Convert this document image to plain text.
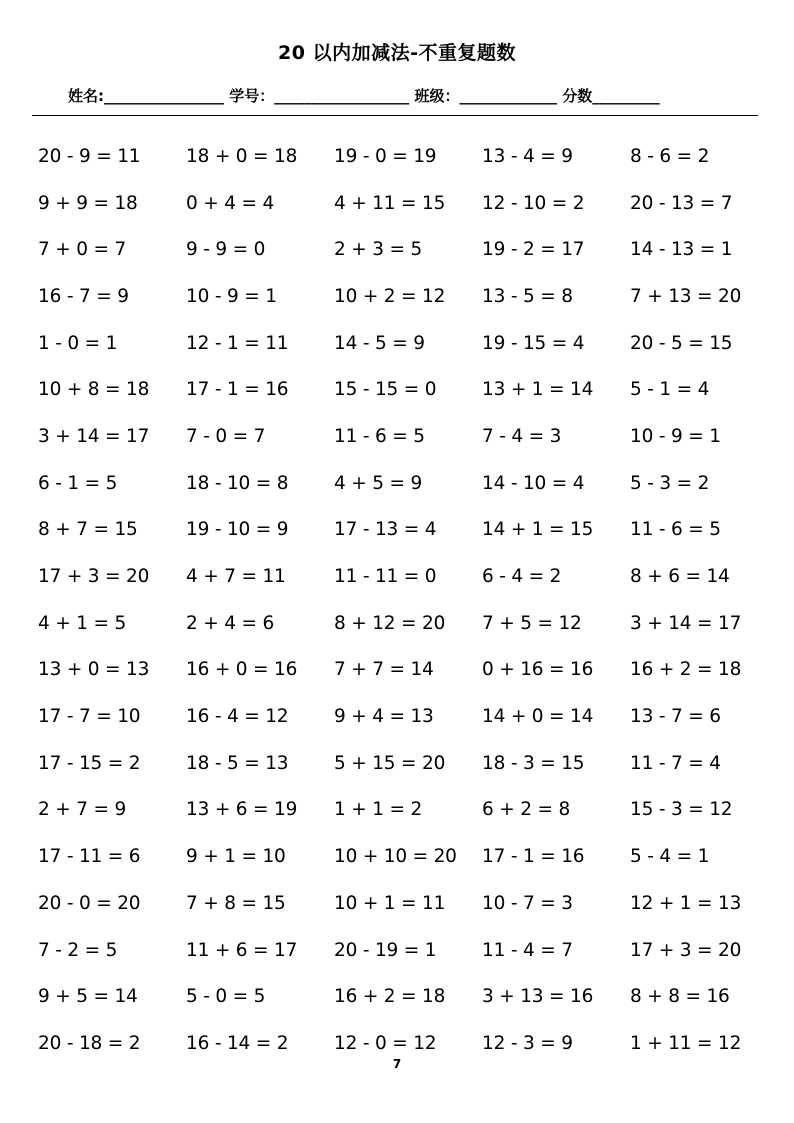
20 以内加减法-不重复题数
姓名:________________ 学号：__________________ 班级：_____________ 分数_________
20 - 9 = 11	18 + 0 = 18	19 - 0 = 19	13 - 4 = 9	8 - 6 = 2
9 + 9 = 18	0 + 4 = 4	4 + 11 = 15	12 - 10 = 2	20 - 13 = 7
7 + 0 = 7	9 - 9 = 0	2 + 3 = 5	19 - 2 = 17	14 - 13 = 1
16 - 7 = 9	10 - 9 = 1	10 + 2 = 12	13 - 5 = 8	7 + 13 = 20
1 - 0 = 1	12 - 1 = 11	14 - 5 = 9	19 - 15 = 4	20 - 5 = 15
10 + 8 = 18	17 - 1 = 16	15 - 15 = 0	13 + 1 = 14	5 - 1 = 4
3 + 14 = 17	7 - 0 = 7	11 - 6 = 5	7 - 4 = 3	10 - 9 = 1
6 - 1 = 5	18 - 10 = 8	4 + 5 = 9	14 - 10 = 4	5 - 3 = 2
8 + 7 = 15	19 - 10 = 9	17 - 13 = 4	14 + 1 = 15	11 - 6 = 5
17 + 3 = 20	4 + 7 = 11	11 - 11 = 0	6 - 4 = 2	8 + 6 = 14
4 + 1 = 5	2 + 4 = 6	8 + 12 = 20	7 + 5 = 12	3 + 14 = 17
13 + 0 = 13	16 + 0 = 16	7 + 7 = 14	0 + 16 = 16	16 + 2 = 18
17 - 7 = 10	16 - 4 = 12	9 + 4 = 13	14 + 0 = 14	13 - 7 = 6
17 - 15 = 2	18 - 5 = 13	5 + 15 = 20	18 - 3 = 15	11 - 7 = 4
2 + 7 = 9	13 + 6 = 19	1 + 1 = 2	6 + 2 = 8	15 - 3 = 12
17 - 11 = 6	9 + 1 = 10	10 + 10 = 20	17 - 1 = 16	5 - 4 = 1
20 - 0 = 20	7 + 8 = 15	10 + 1 = 11	10 - 7 = 3	12 + 1 = 13
7 - 2 = 5	11 + 6 = 17	20 - 19 = 1	11 - 4 = 7	17 + 3 = 20
9 + 5 = 14	5 - 0 = 5	16 + 2 = 18	3 + 13 = 16	8 + 8 = 16
20 - 18 = 2	16 - 14 = 2	12 - 0 = 12	12 - 3 = 9	1 + 11 = 12
7
